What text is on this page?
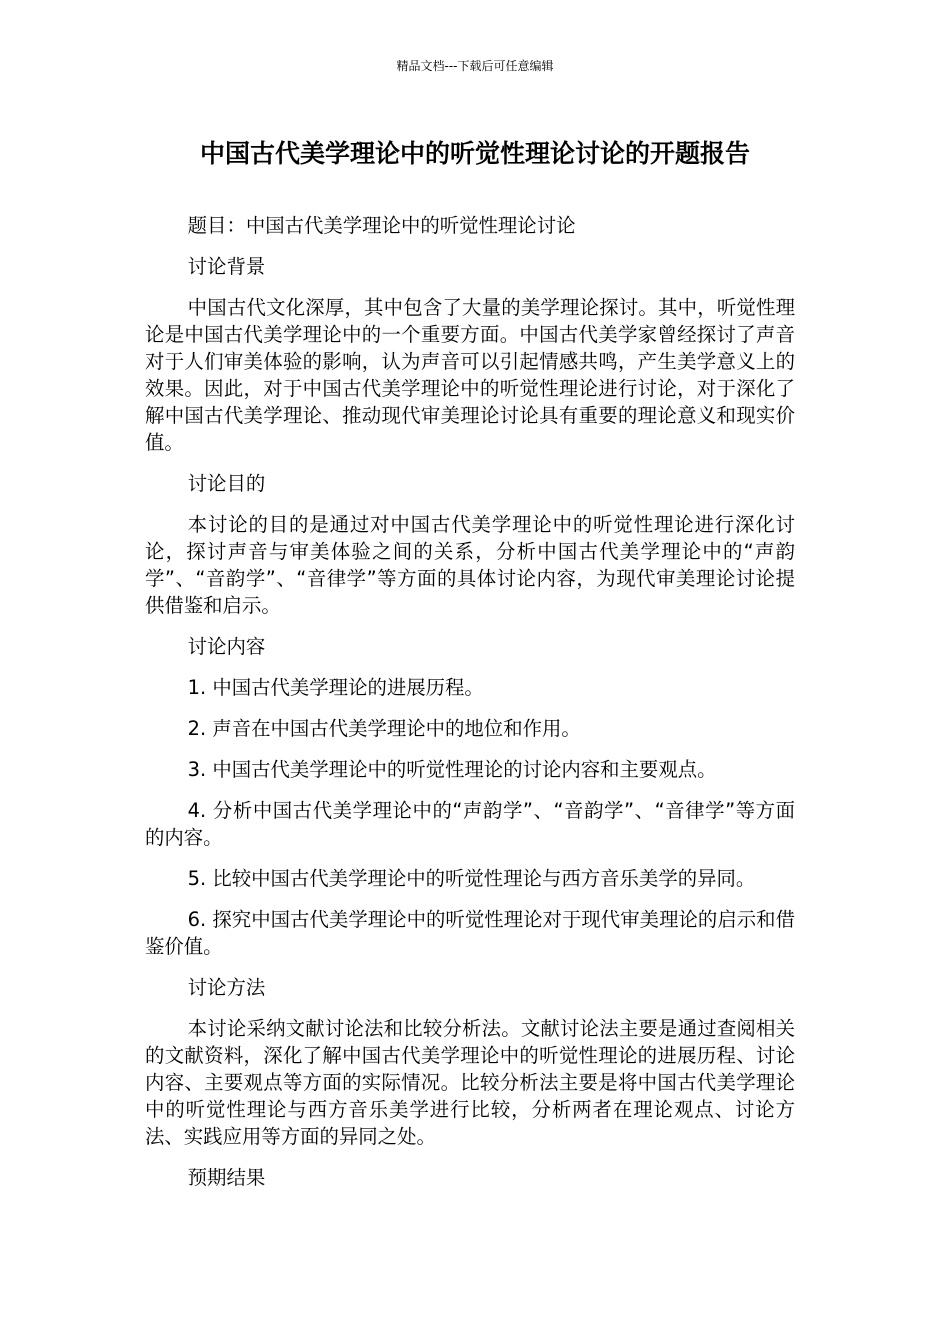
精品文档---下载后可任意编辑
中国古代美学理论中的听觉性理论讨论的开题报告

题目：中国古代美学理论中的听觉性理论讨论

讨论背景

中国古代文化深厚，其中包含了大量的美学理论探讨。其中，听觉性理论是中国古代美学理论中的一个重要方面。中国古代美学家曾经探讨了声音对于人们审美体验的影响，认为声音可以引起情感共鸣，产生美学意义上的效果。因此，对于中国古代美学理论中的听觉性理论进行讨论，对于深化了解中国古代美学理论、推动现代审美理论讨论具有重要的理论意义和现实价值。

讨论目的

本讨论的目的是通过对中国古代美学理论中的听觉性理论进行深化讨论，探讨声音与审美体验之间的关系，分析中国古代美学理论中的“声韵学”、“音韵学”、“音律学”等方面的具体讨论内容，为现代审美理论讨论提供借鉴和启示。

讨论内容

1. 中国古代美学理论的进展历程。

2. 声音在中国古代美学理论中的地位和作用。

3. 中国古代美学理论中的听觉性理论的讨论内容和主要观点。

4. 分析中国古代美学理论中的“声韵学”、“音韵学”、“音律学”等方面的内容。

5. 比较中国古代美学理论中的听觉性理论与西方音乐美学的异同。

6. 探究中国古代美学理论中的听觉性理论对于现代审美理论的启示和借鉴价值。

讨论方法

本讨论采纳文献讨论法和比较分析法。文献讨论法主要是通过查阅相关的文献资料，深化了解中国古代美学理论中的听觉性理论的进展历程、讨论内容、主要观点等方面的实际情况。比较分析法主要是将中国古代美学理论中的听觉性理论与西方音乐美学进行比较，分析两者在理论观点、讨论方法、实践应用等方面的异同之处。

预期结果
